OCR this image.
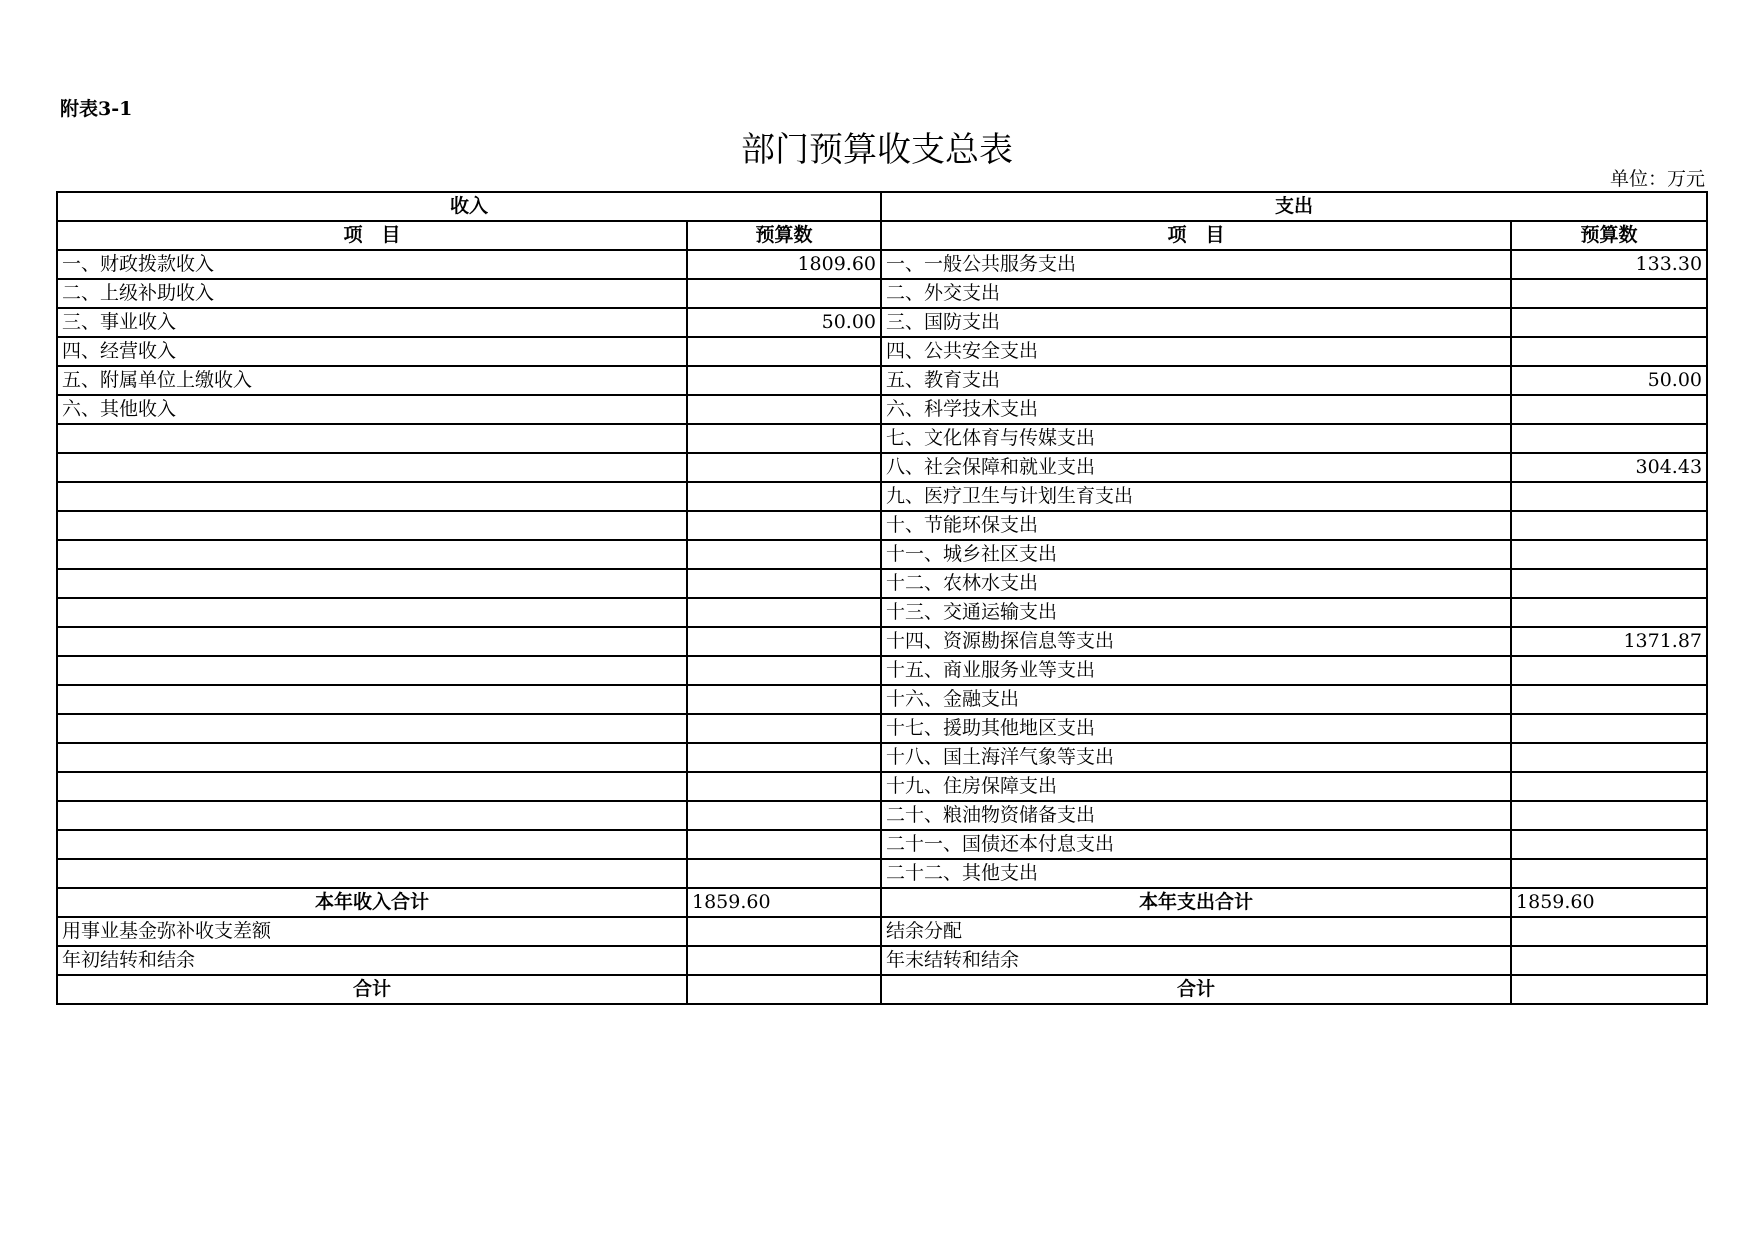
附表3-1
部门预算收支总表
单位：万元
收入		支出	
项　目	预算数	项　目	预算数
一、财政拨款收入	1809.60	一、一般公共服务支出	133.30
二、上级补助收入		二、外交支出	
三、事业收入	50.00	三、国防支出	
四、经营收入		四、公共安全支出	
五、附属单位上缴收入		五、教育支出	50.00
六、其他收入		六、科学技术支出	
		七、文化体育与传媒支出	
		八、社会保障和就业支出	304.43
		九、医疗卫生与计划生育支出	
		十、节能环保支出	
		十一、城乡社区支出	
		十二、农林水支出	
		十三、交通运输支出	
		十四、资源勘探信息等支出	1371.87
		十五、商业服务业等支出	
		十六、金融支出	
		十七、援助其他地区支出	
		十八、国土海洋气象等支出	
		十九、住房保障支出	
		二十、粮油物资储备支出	
		二十一、国债还本付息支出	
		二十二、其他支出	
本年收入合计	1859.60	本年支出合计	1859.60
用事业基金弥补收支差额		结余分配	
年初结转和结余		年末结转和结余	
合计		合计	
